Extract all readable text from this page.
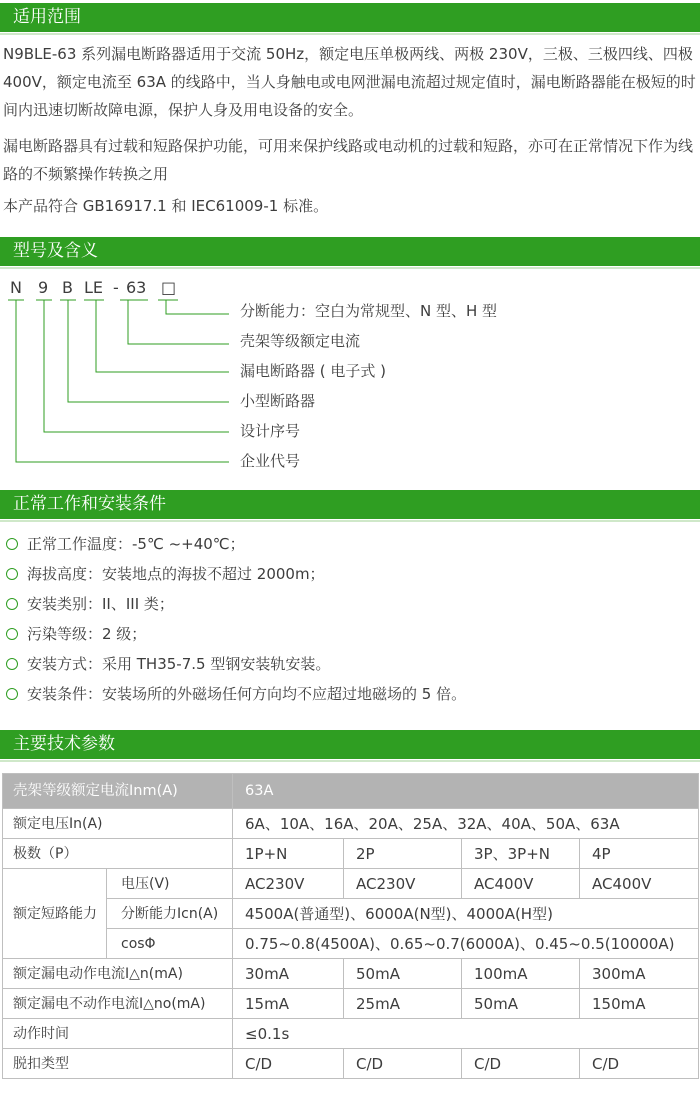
适用范围

N9BLE-63 系列漏电断路器适用于交流 50Hz，额定电压单极两线、两极 230V，三极、三极四线、四极 400V，额定电流至 63A 的线路中，当人身触电或电网泄漏电流超过规定值时，漏电断路器能在极短的时间内迅速切断故障电源，保护人身及用电设备的安全。

漏电断路器具有过载和短路保护功能，可用来保护线路或电动机的过载和短路，亦可在正常情况下作为线路的不频繁操作转换之用

本产品符合 GB16917.1 和 IEC61009-1 标准。

型号及含义
N 9 B LE - 63 □
分断能力：空白为常规型、N 型、H 型
壳架等级额定电流
漏电断路器 ( 电子式 )
小型断路器
设计序号
企业代号
正常工作和安装条件
正常工作温度：-5℃ ~+40℃；
海拔高度：安装地点的海拔不超过 2000m；
安装类别：II、III 类；
污染等级：2 级；
安装方式：采用 TH35-7.5 型钢安装轨安装。
安装条件：安装场所的外磁场任何方向均不应超过地磁场的 5 倍。
主要技术参数
壳架等级额定电流Inm(A)		63A			
额定电压In(A)		6A、10A、16A、20A、25A、32A、40A、50A、63A			
极数（P）		1P+N	2P	3P、3P+N	4P
额定短路能力	电压(V)	AC230V	AC230V	AC400V	AC400V
	分断能力Icn(A)	4500A(普通型)、6000A(N型)、4000A(H型)			
	cosΦ	0.75~0.8(4500A)、0.65~0.7(6000A)、0.45~0.5(10000A)			
额定漏电动作电流I△n(mA)		30mA	50mA	100mA	300mA
额定漏电不动作电流I△no(mA)		15mA	25mA	50mA	150mA
动作时间		≤0.1s			
脱扣类型		C/D	C/D	C/D	C/D
